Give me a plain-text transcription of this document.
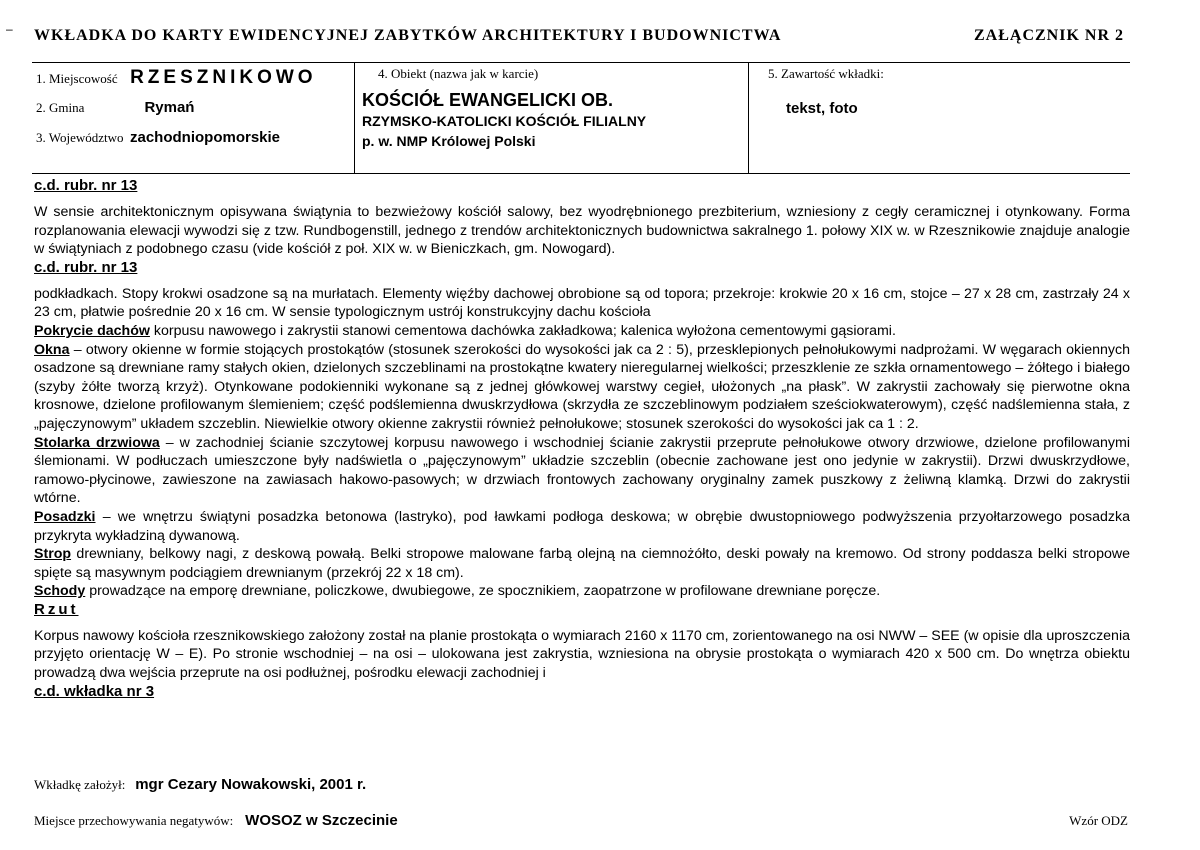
– WKŁADKA DO KARTY EWIDENCYJNEJ ZABYTKÓW ARCHITEKTURY I BUDOWNICTWA	ZAŁĄCZNIK NR 2
1. Miejscowość RZESZNIKOWO
2. Gmina	Rymań
3. Województwo zachodniopomorskie
4. Obiekt (nazwa jak w karcie)
KOŚCIÓŁ EWANGELICKI OB.
RZYMSKO-KATOLICKI KOŚCIÓŁ FILIALNY
p. w. NMP Królowej Polski
5. Zawartość wkładki:
tekst, foto
c.d. rubr. nr 13

W sensie architektonicznym opisywana świątynia to bezwieżowy kościół salowy, bez wyodrębnionego prezbiterium, wzniesiony z cegły ceramicznej i otynkowany. Forma rozplanowania elewacji wywodzi się z tzw. Rundbogenstill, jednego z trendów architektonicznych budownictwa sakralnego 1. połowy XIX w. w Rzesznikowie znajduje analogie w świątyniach z podobnego czasu (vide kościół z poł. XIX w. w Bieniczkach, gm. Nowogard).

c.d. rubr. nr 13

podkładkach. Stopy krokwi osadzone są na murłatach. Elementy więźby dachowej obrobione są od topora; przekroje: krokwie 20 x 16 cm, stojce – 27 x 28 cm, zastrzały 24 x 23 cm, płatwie pośrednie 20 x 16 cm. W sensie typologicznym ustrój konstrukcyjny dachu kościoła

Pokrycie dachów korpusu nawowego i zakrystii stanowi cementowa dachówka zakładkowa; kalenica wyłożona cementowymi gąsiorami.

Okna – otwory okienne w formie stojących prostokątów (stosunek szerokości do wysokości jak ca 2 : 5), przesklepionych pełnołukowymi nadprożami. W węgarach okiennych osadzone są drewniane ramy stałych okien, dzielonych szczeblinami na prostokątne kwatery nieregularnej wielkości; przeszklenie ze szkła ornamentowego – żółtego i białego (szyby żółte tworzą krzyż). Otynkowane podokienniki wykonane są z jednej główkowej warstwy cegieł, ułożonych „na płask”. W zakrystii zachowały się pierwotne okna krosnowe, dzielone profilowanym ślemieniem; część podślemienna dwuskrzydłowa (skrzydła ze szczeblinowym podziałem sześciokwaterowym), część nadślemienna stała, z „pajęczynowym” układem szczeblin. Niewielkie otwory okienne zakrystii również pełnołukowe; stosunek szerokości do wysokości jak ca 1 : 2.

Stolarka drzwiowa – w zachodniej ścianie szczytowej korpusu nawowego i wschodniej ścianie zakrystii przeprute pełnołukowe otwory drzwiowe, dzielone profilowanymi ślemionami. W podłuczach umieszczone były nadświetla o „pajęczynowym” układzie szczeblin (obecnie zachowane jest ono jedynie w zakrystii). Drzwi dwuskrzydłowe, ramowo-płycinowe, zawieszone na zawiasach hakowo-pasowych; w drzwiach frontowych zachowany oryginalny zamek puszkowy z żeliwną klamką. Drzwi do zakrystii wtórne.

Posadzki – we wnętrzu świątyni posadzka betonowa (lastryko), pod ławkami podłoga deskowa; w obrębie dwustopniowego podwyższenia przyołtarzowego posadzka przykryta wykładziną dywanową.

Strop drewniany, belkowy nagi, z deskową powałą. Belki stropowe malowane farbą olejną na ciemnożółto, deski powały na kremowo. Od strony poddasza belki stropowe spięte są masywnym podciągiem drewnianym (przekrój 22 x 18 cm).

Schody prowadzące na emporę drewniane, policzkowe, dwubiegowe, ze spocznikiem, zaopatrzone w profilowane drewniane poręcze.

Rzut

Korpus nawowy kościoła rzesznikowskiego założony został na planie prostokąta o wymiarach 2160 x 1170 cm, zorientowanego na osi NWW – SEE (w opisie dla uproszczenia przyjęto orientację W – E). Po stronie wschodniej – na osi – ulokowana jest zakrystia, wzniesiona na obrysie prostokąta o wymiarach 420 x 500 cm. Do wnętrza obiektu prowadzą dwa wejścia przeprute na osi podłużnej, pośrodku elewacji zachodniej i

c.d. wkładka nr 3
Wkładkę założył: mgr Cezary Nowakowski, 2001 r.
Miejsce przechowywania negatywów: WOSOZ w Szczecinie	Wzór ODZ
